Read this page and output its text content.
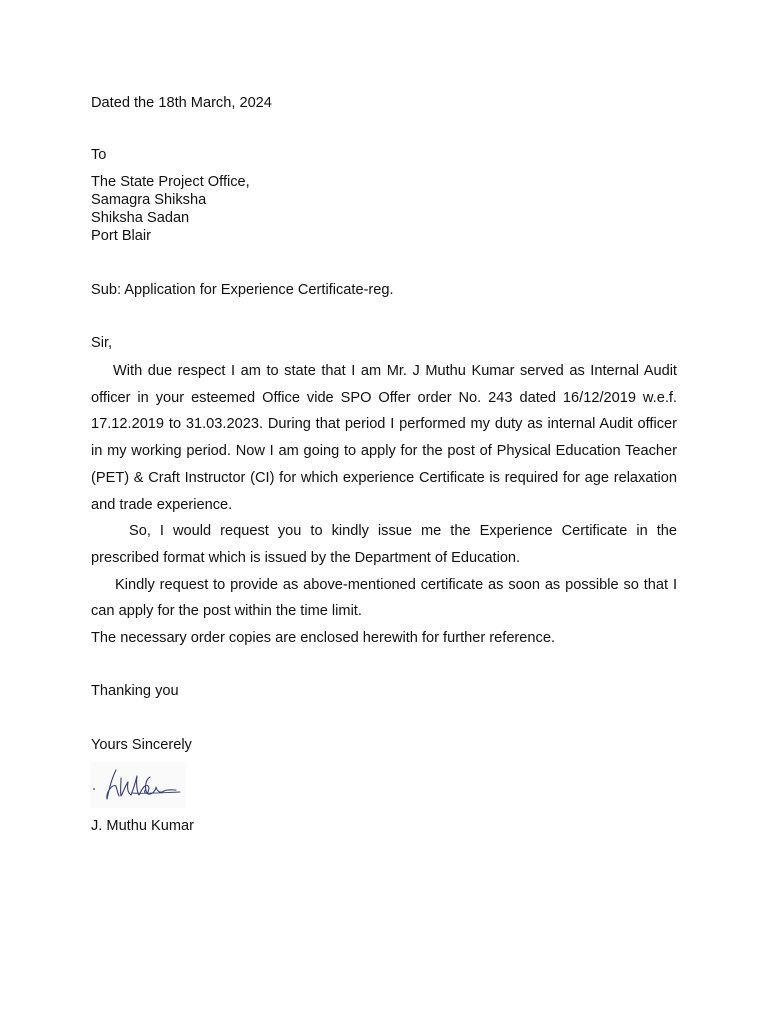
Dated the 18th March, 2024
To
The State Project Office,
Samagra Shiksha
Shiksha Sadan
Port Blair
Sub: Application for Experience Certificate-reg.
Sir,

With due respect I am to state that I am Mr. J Muthu Kumar served as Internal Audit officer in your esteemed Office vide SPO Offer order No. 243 dated 16/12/2019 w.e.f. 17.12.2019 to 31.03.2023. During that period I performed my duty as internal Audit officer in my working period. Now I am going to apply for the post of Physical Education Teacher (PET) & Craft Instructor (CI) for which experience Certificate is required for age relaxation and trade experience.

So, I would request you to kindly issue me the Experience Certificate in the prescribed format which is issued by the Department of Education.

Kindly request to provide as above-mentioned certificate as soon as possible so that I can apply for the post within the time limit.

The necessary order copies are enclosed herewith for further reference.

Thanking you
Yours Sincerely
J. Muthu Kumar
